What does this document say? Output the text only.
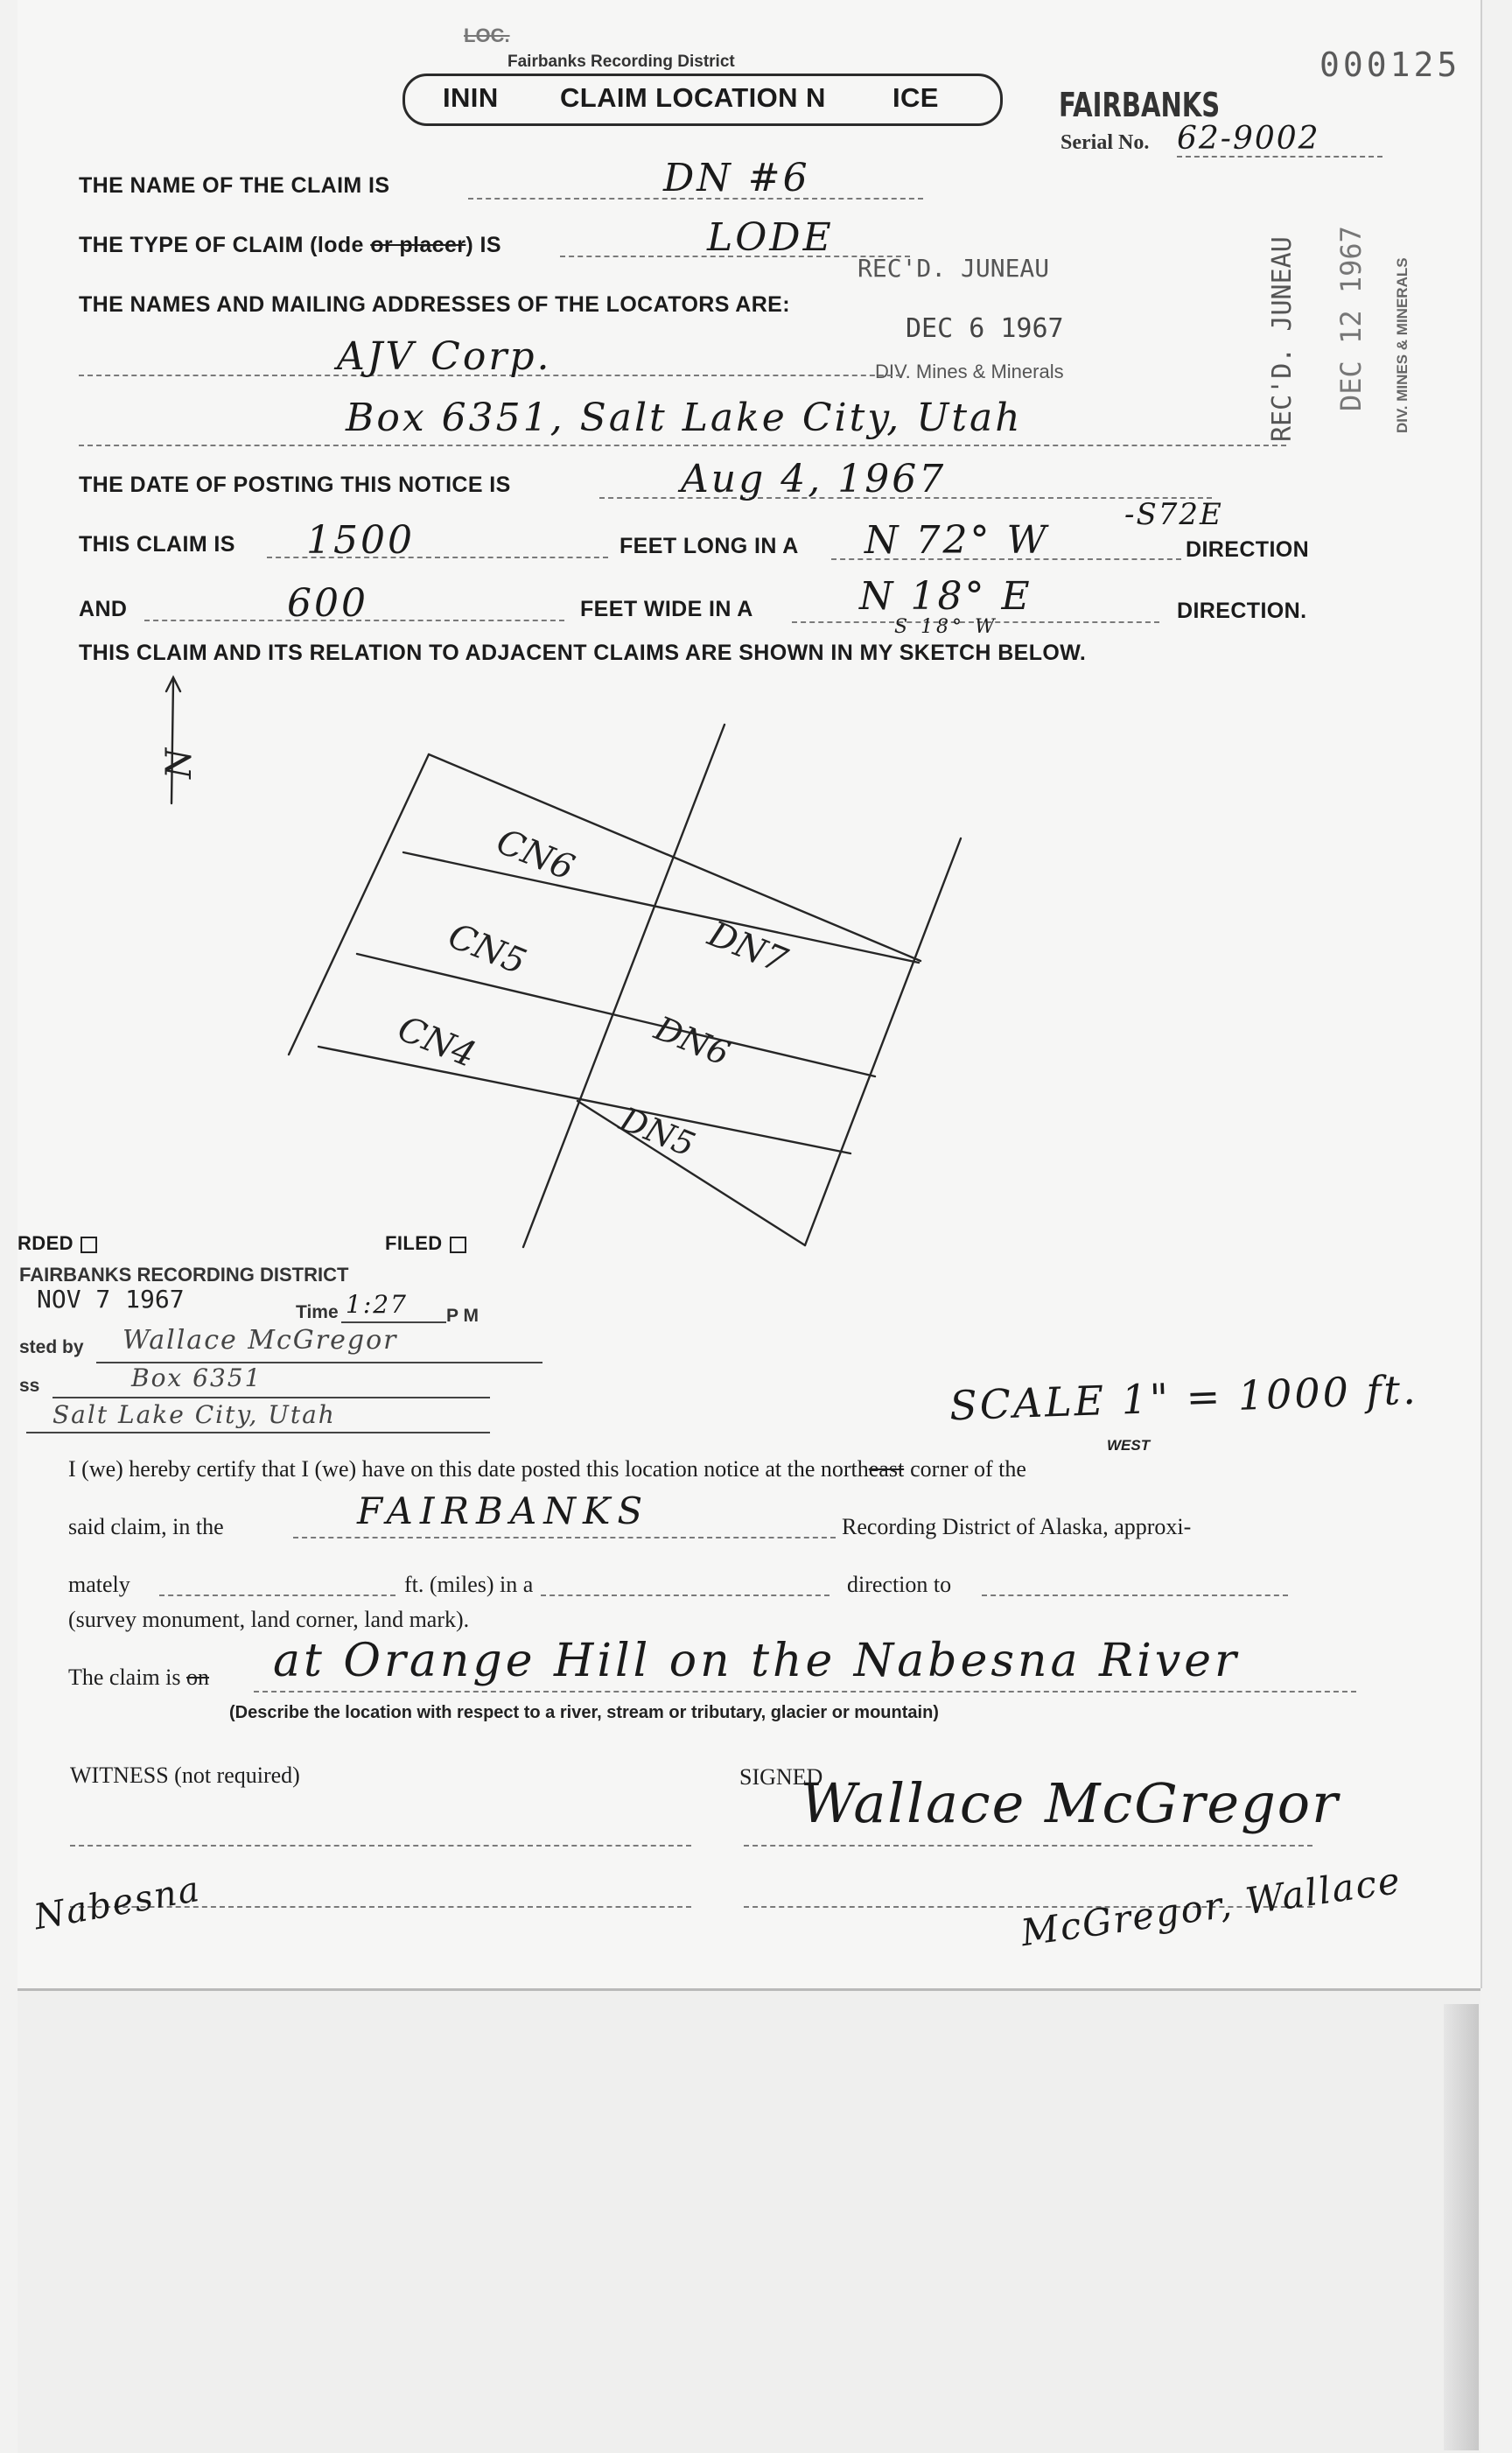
000125
Fairbanks Recording District
LOC.
ININ CLAIM LOCATION N ICE	FAIRBANKS
Serial No. 62-9002
THE NAME OF THE CLAIM IS	DN #6
THE TYPE OF CLAIM (lode or placer) IS	LODE
REC'D. JUNEAU
DEC 6 1967
DIV. Mines & Minerals	REC'D. JUNEAU DEC 12 1967 DIV. MINES & MINERALS
THE NAMES AND MAILING ADDRESSES OF THE LOCATORS ARE:
AJV Corp.
Box 6351, Salt Lake City, Utah
THE DATE OF POSTING THIS NOTICE IS	Aug 4, 1967
THIS CLAIM IS 1500	FEET LONG IN A N 72° W
-S72E
DIRECTION
AND	600	FEET WIDE IN A	N 18° E
S 18° W
DIRECTION.
THIS CLAIM AND ITS RELATION TO ADJACENT CLAIMS ARE SHOWN IN MY SKETCH BELOW.
N
CN6
CN5
CN4
DN7
DN6
DN5
SCALE 1" = 1000 ft.
RDED	FILED
FAIRBANKS RECORDING DISTRICT
NOV 7 1967	Time 1:27 P M
sted by Wallace McGregor
ss	Box 6351
Salt Lake City, Utah
I (we) hereby certify that I (we) have on this date posted this location notice at the northeast corner of the
WEST
said claim, in the	FAIRBANKS	Recording District of Alaska, approxi-
mately	ft. (miles) in a	direction to
(survey monument, land corner, land mark).
The claim is on at Orange Hill on the Nabesna River
(Describe the location with respect to a river, stream or tributary, glacier or mountain)
WITNESS (not required)	SIGNED
Wallace McGregor
McGregor, Wallace
Nabesna
